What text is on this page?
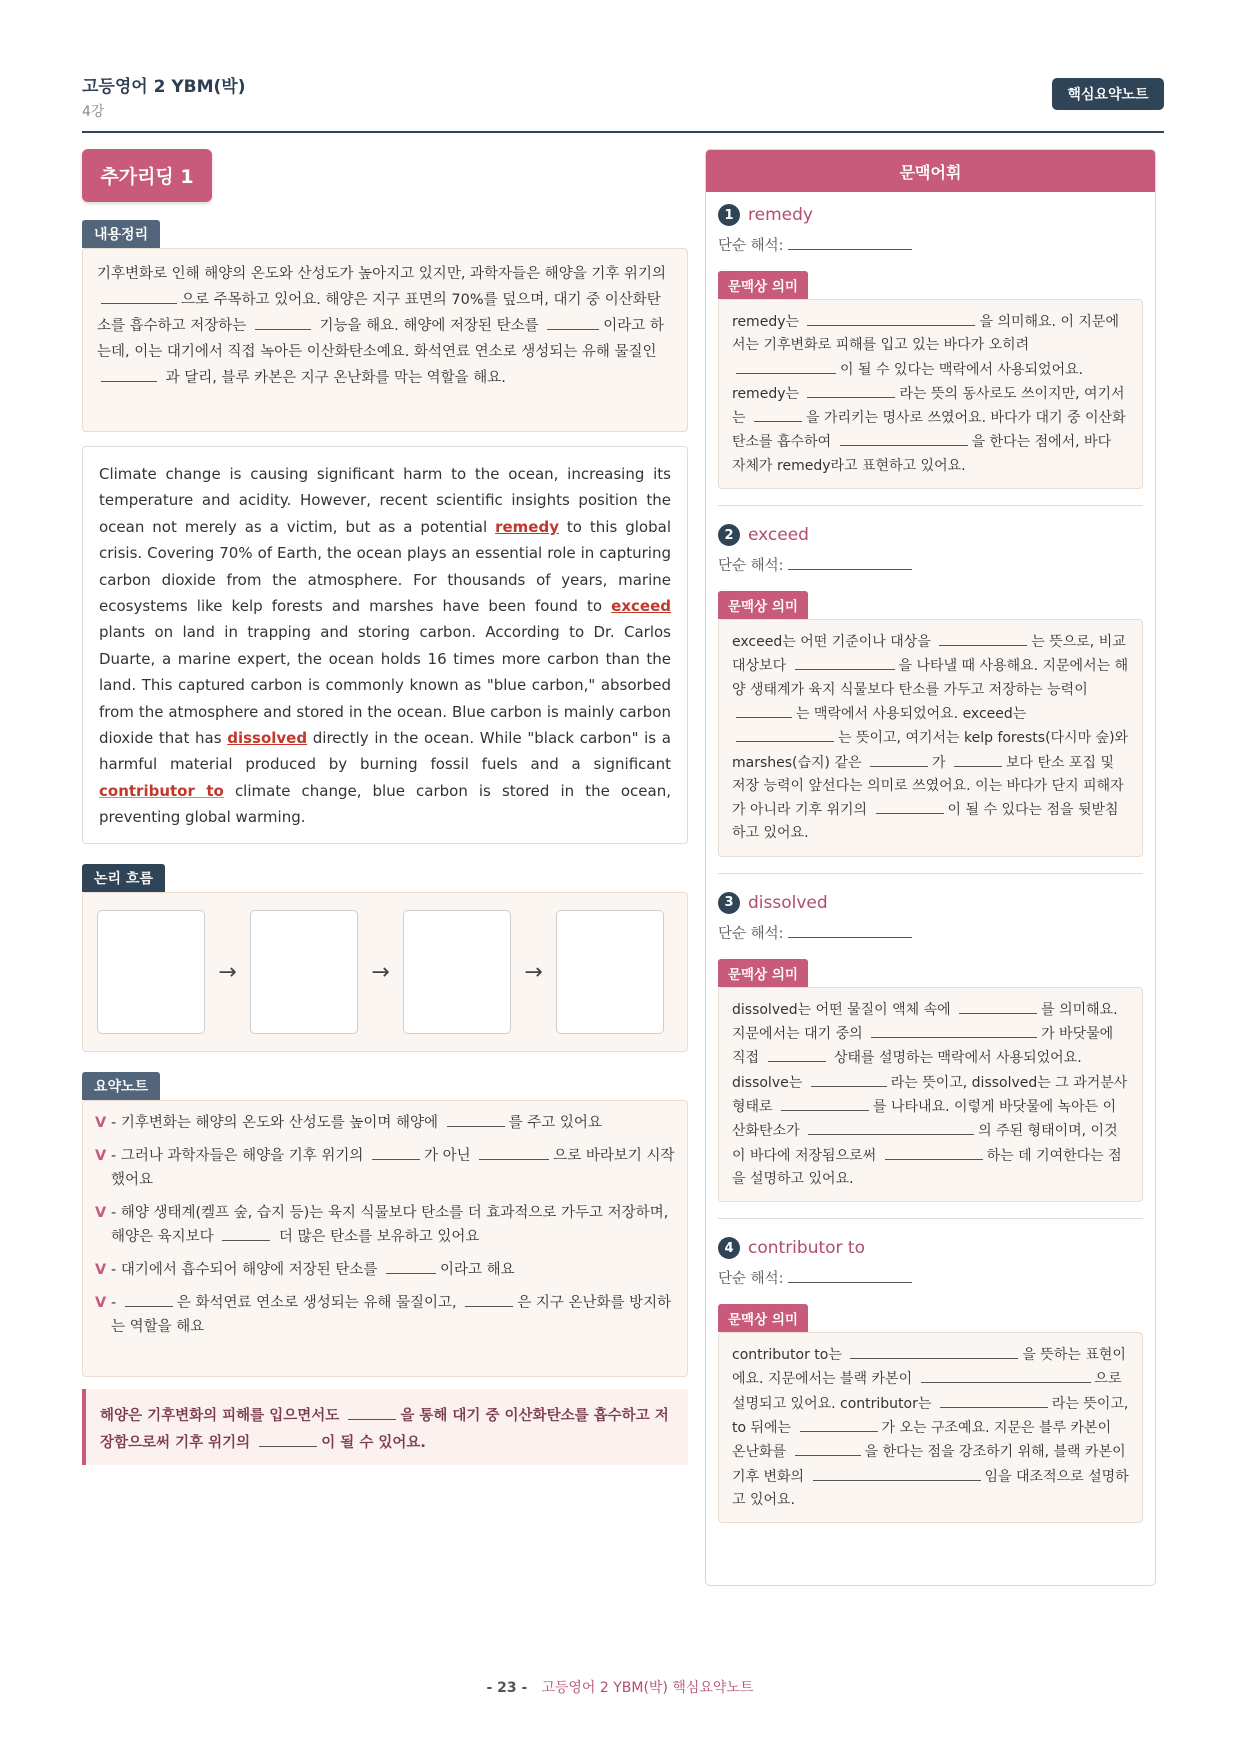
고등영어 2 YBM(박)
4강
핵심요약노트
추가리딩 1
내용정리
기후변화로 인해 해양의 온도와 산성도가 높아지고 있지만, 과학자들은 해양을 기후 위기의 으로 주목하고 있어요. 해양은 지구 표면의 70%를 덮으며, 대기 중 이산화탄소를 흡수하고 저장하는	기능을 해요. 해양에 저장된 탄소를	이라고 하는데, 이는 대기에서 직접 녹아든 이산화탄소예요. 화석연료 연소로 생성되는 유해 물질인  과 달리, 블루 카본은 지구 온난화를 막는 역할을 해요.
Climate change is causing significant harm to the ocean, increasing its temperature and acidity. However, recent scientific insights position the ocean not merely as a victim, but as a potential remedy to this global crisis. Covering 70% of Earth, the ocean plays an essential role in capturing carbon dioxide from the atmosphere. For thousands of years, marine ecosystems like kelp forests and marshes have been found to exceed plants on land in trapping and storing carbon. According to Dr. Carlos Duarte, a marine expert, the ocean holds 16 times more carbon than the land. This captured carbon is commonly known as "blue carbon," absorbed from the atmosphere and stored in the ocean. Blue carbon is mainly carbon dioxide that has dissolved directly in the ocean. While "black carbon" is a harmful material produced by burning fossil fuels and a significant contributor to climate change, blue carbon is stored in the ocean, preventing global warming.
논리 흐름
→	→	→
요약노트
V - 기후변화는 해양의 온도와 산성도를 높이며 해양에	를 주고 있어요
V - 그러나 과학자들은 해양을 기후 위기의	가 아닌	으로 바라보기 시작했어요
V - 해양 생태계(켈프 숲, 습지 등)는 육지 식물보다 탄소를 더 효과적으로 가두고 저장하며, 해양은 육지보다	더 많은 탄소를 보유하고 있어요
V - 대기에서 흡수되어 해양에 저장된 탄소를	이라고 해요
V -	은 화석연료 연소로 생성되는 유해 물질이고,	은 지구 온난화를 방지하는 역할을 해요
해양은 기후변화의 피해를 입으면서도	을 통해 대기 중 이산화탄소를 흡수하고 저장함으로써 기후 위기의	이 될 수 있어요.
문맥어휘
1 remedy
단순 해석:
문맥상 의미
remedy는	을 의미해요. 이 지문에서는 기후변화로 피해를 입고 있는 바다가 오히려 이 될 수 있다는 맥락에서 사용되었어요. remedy는	라는 뜻의 동사로도 쓰이지만, 여기서는	을 가리키는 명사로 쓰였어요. 바다가 대기 중 이산화탄소를 흡수하여	을 한다는 점에서, 바다 자체가 remedy라고 표현하고 있어요.
2 exceed
단순 해석:
문맥상 의미
exceed는 어떤 기준이나 대상을	는 뜻으로, 비교 대상보다	을 나타낼 때 사용해요. 지문에서는 해양 생태계가 육지 식물보다 탄소를 가두고 저장하는 능력이 는 맥락에서 사용되었어요. exceed는 는 뜻이고, 여기서는 kelp forests(다시마 숲)와 marshes(습지) 같은	가	보다 탄소 포집 및 저장 능력이 앞선다는 의미로 쓰였어요. 이는 바다가 단지 피해자가 아니라 기후 위기의	이 될 수 있다는 점을 뒷받침하고 있어요.
3 dissolved
단순 해석:
문맥상 의미
dissolved는 어떤 물질이 액체 속에	를 의미해요. 지문에서는 대기 중의	가 바닷물에 직접	상태를 설명하는 맥락에서 사용되었어요. dissolve는	라는 뜻이고, dissolved는 그 과거분사 형태로	를 나타내요. 이렇게 바닷물에 녹아든 이산화탄소가	의 주된 형태이며, 이것이 바다에 저장됨으로써	하는 데 기여한다는 점을 설명하고 있어요.
4 contributor to
단순 해석:
문맥상 의미
contributor to는	을 뜻하는 표현이에요. 지문에서는 블랙 카본이	으로 설명되고 있어요. contributor는	라는 뜻이고, to 뒤에는	가 오는 구조예요. 지문은 블루 카본이 온난화를	을 한다는 점을 강조하기 위해, 블랙 카본이 기후 변화의	임을 대조적으로 설명하고 있어요.
- 23 - 고등영어 2 YBM(박) 핵심요약노트
